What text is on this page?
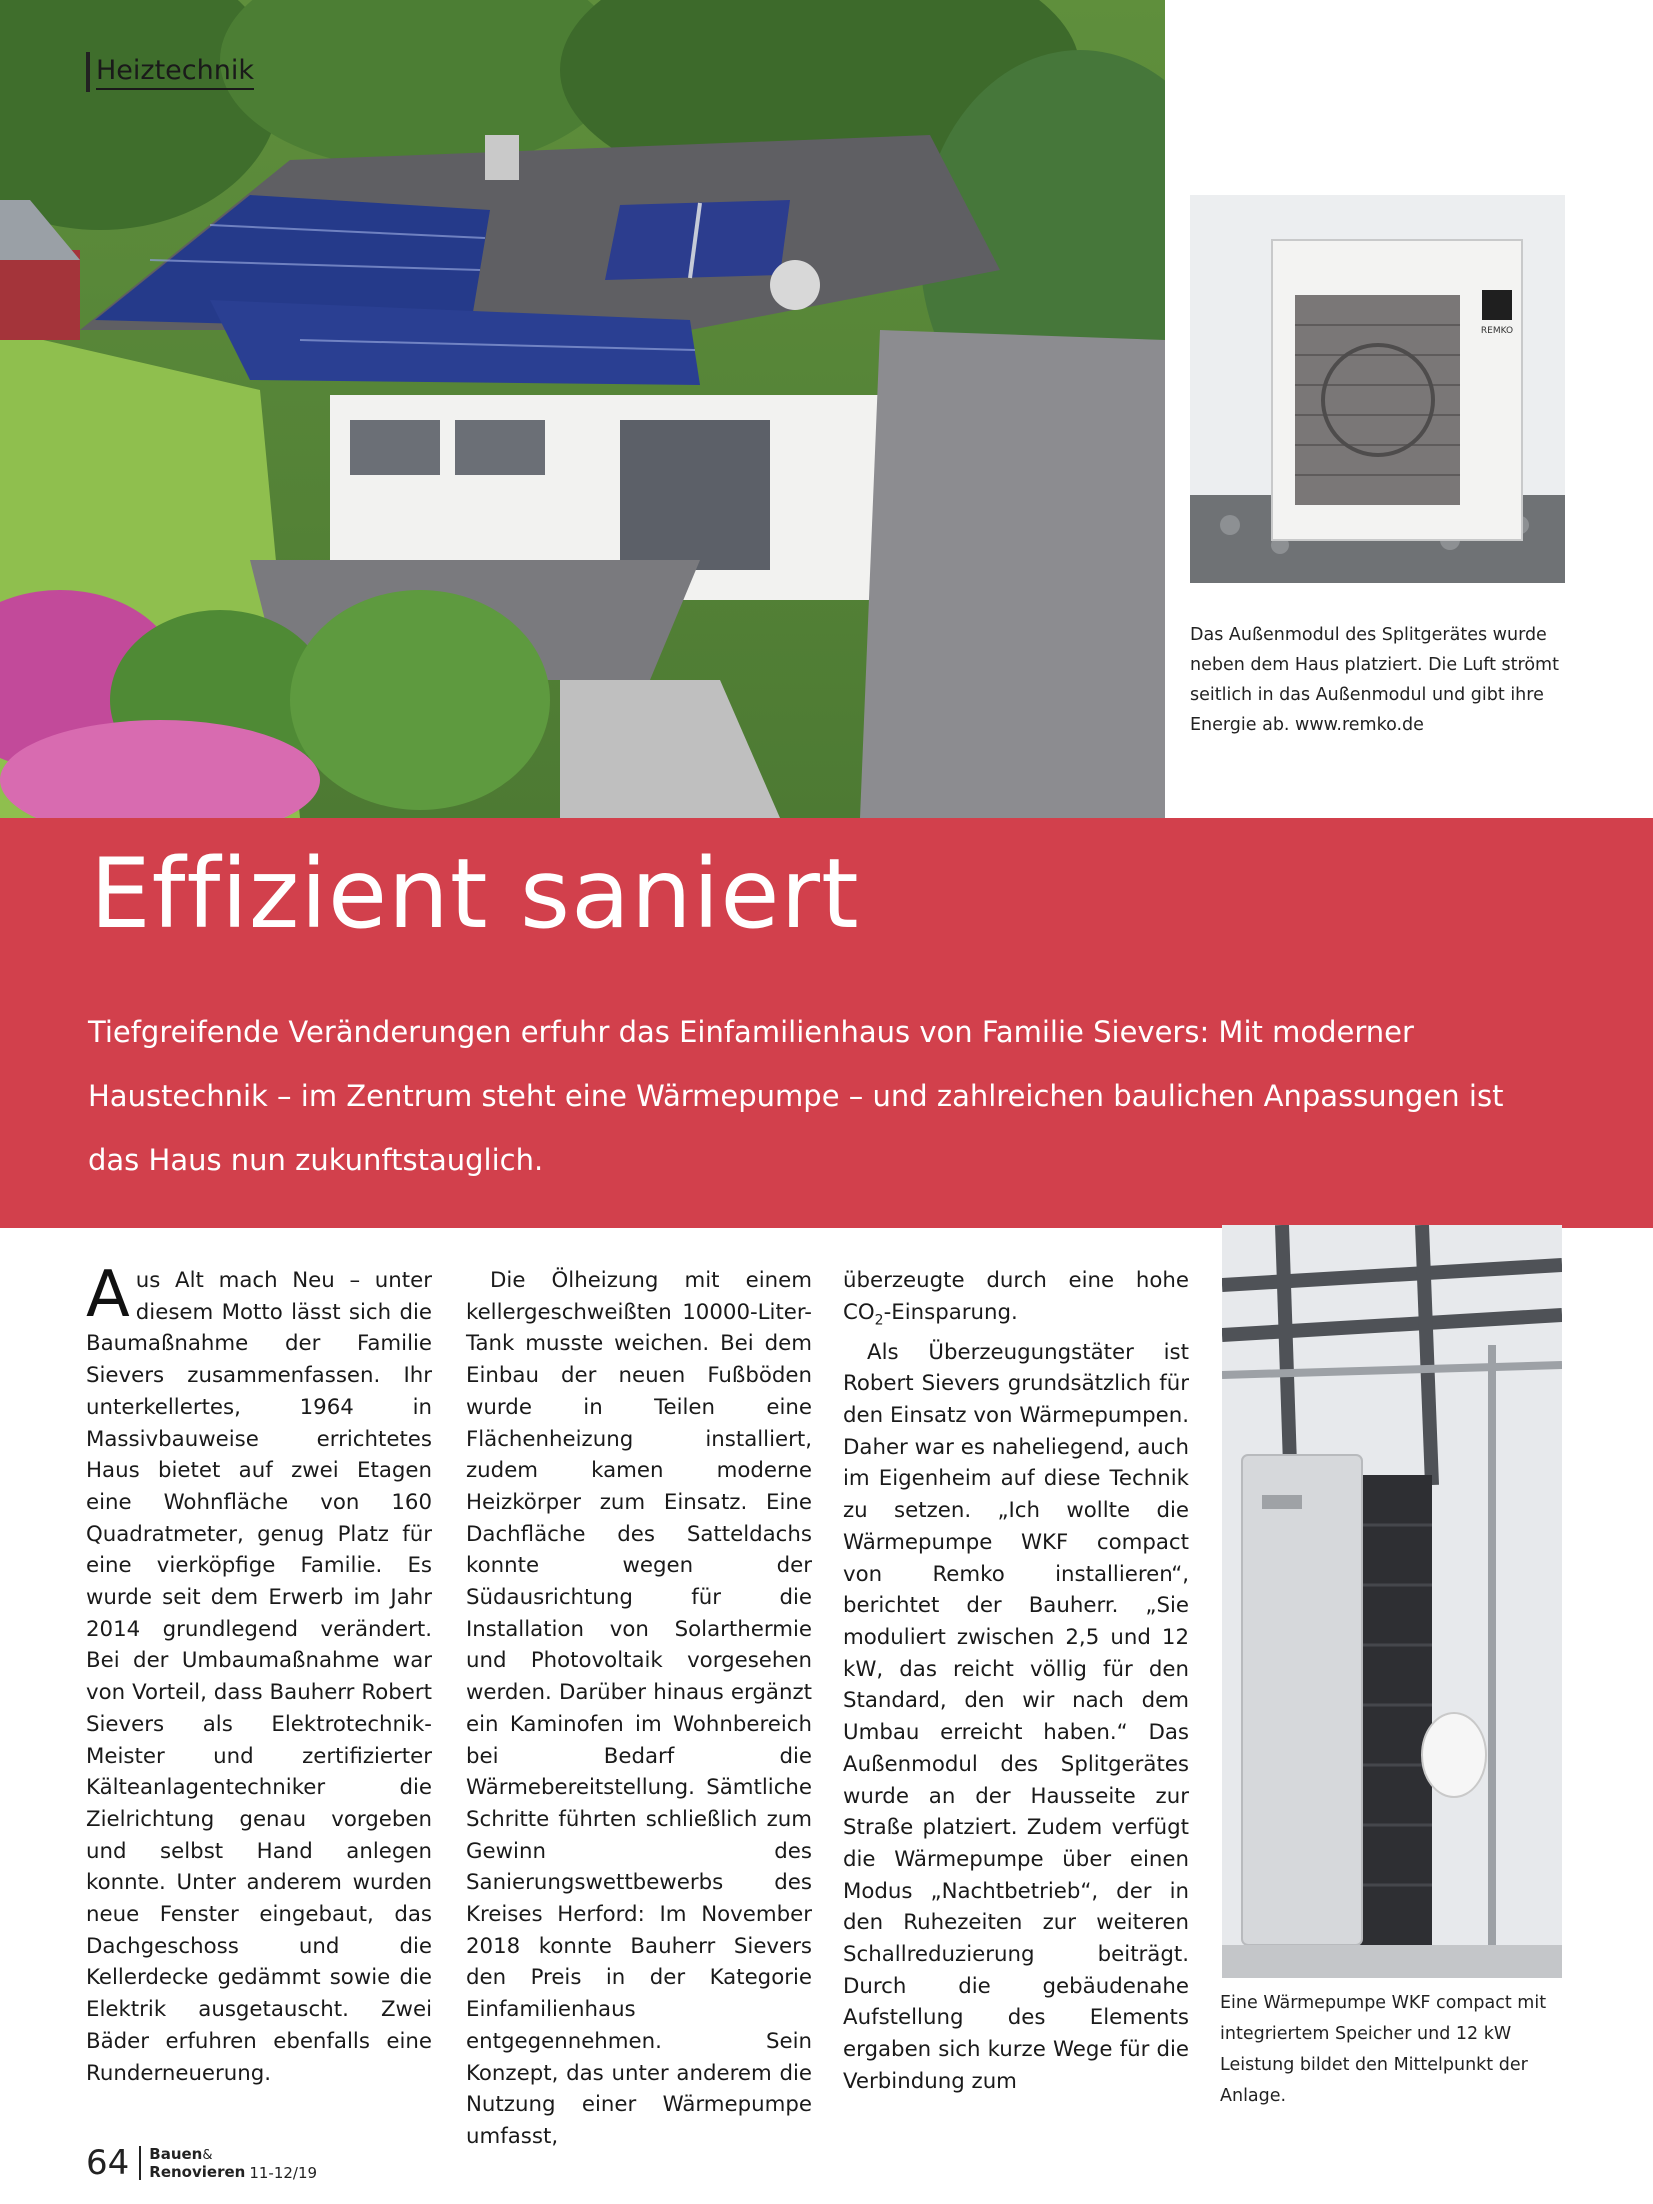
Heiztechnik
REMKO
Das Außenmodul des Splitgerätes wurde neben dem Haus platziert. Die Luft strömt seitlich in das Außenmodul und gibt ihre Energie ab. www.remko.de
Effizient saniert
Tiefgreifende Veränderungen erfuhr das Einfamilienhaus von Familie Sievers: Mit moderner Haustechnik – im Zentrum steht eine Wärmepumpe – und zahlreichen baulichen Anpassungen ist das Haus nun zukunftstauglich.

Aus Alt mach Neu – unter diesem Motto lässt sich die Baumaßnahme der Familie Sievers zusammenfassen. Ihr unterkellertes, 1964 in Massivbauweise errichtetes Haus bietet auf zwei Etagen eine Wohnfläche von 160 Quadratmeter, genug Platz für eine vierköpfige Familie. Es wurde seit dem Erwerb im Jahr 2014 grundlegend verändert. Bei der Umbaumaßnahme war von Vorteil, dass Bauherr Robert Sievers als Elektrotechnik-Meister und zertifizierter Kälteanlagentechniker die Zielrichtung genau vorgeben und selbst Hand anlegen konnte. Unter anderem wurden neue Fenster eingebaut, das Dachgeschoss und die Kellerdecke gedämmt sowie die Elektrik ausgetauscht. Zwei Bäder erfuhren ebenfalls eine Runderneuerung.

Die Ölheizung mit einem kellergeschweißten 10000-Liter-Tank musste weichen. Bei dem Einbau der neuen Fußböden wurde in Teilen eine Flächenheizung installiert, zudem kamen moderne Heizkörper zum Einsatz. Eine Dachfläche des Satteldachs konnte wegen der Südausrichtung für die Installation von Solarthermie und Photovoltaik vorgesehen werden. Darüber hinaus ergänzt ein Kaminofen im Wohnbereich bei Bedarf die Wärmebereitstellung. Sämtliche Schritte führten schließlich zum Gewinn des Sanierungswettbewerbs des Kreises Herford: Im November 2018 konnte Bauherr Sievers den Preis in der Kategorie Einfamilienhaus entgegennehmen. Sein Konzept, das unter anderem die Nutzung einer Wärmepumpe umfasst,

überzeugte durch eine hohe $CO_2$-Einsparung.

Als Überzeugungstäter ist Robert Sievers grundsätzlich für den Einsatz von Wärmepumpen. Daher war es naheliegend, auch im Eigenheim auf diese Technik zu setzen. „Ich wollte die Wärmepumpe WKF compact von Remko installieren“, berichtet der Bauherr. „Sie moduliert zwischen 2,5 und 12 kW, das reicht völlig für den Standard, den wir nach dem Umbau erreicht haben.“ Das Außenmodul des Splitgerätes wurde an der Hausseite zur Straße platziert. Zudem verfügt die Wärmepumpe über einen Modus „Nachtbetrieb“, der in den Ruhezeiten zur weiteren Schallreduzierung beiträgt. Durch die gebäudenahe Aufstellung des Elements ergaben sich kurze Wege für die Verbindung zum

Eine Wärmepumpe WKF compact mit integriertem Speicher und 12 kW Leistung bildet den Mittelpunkt der Anlage.
64 Bauen&
Renovieren 11-12/19
